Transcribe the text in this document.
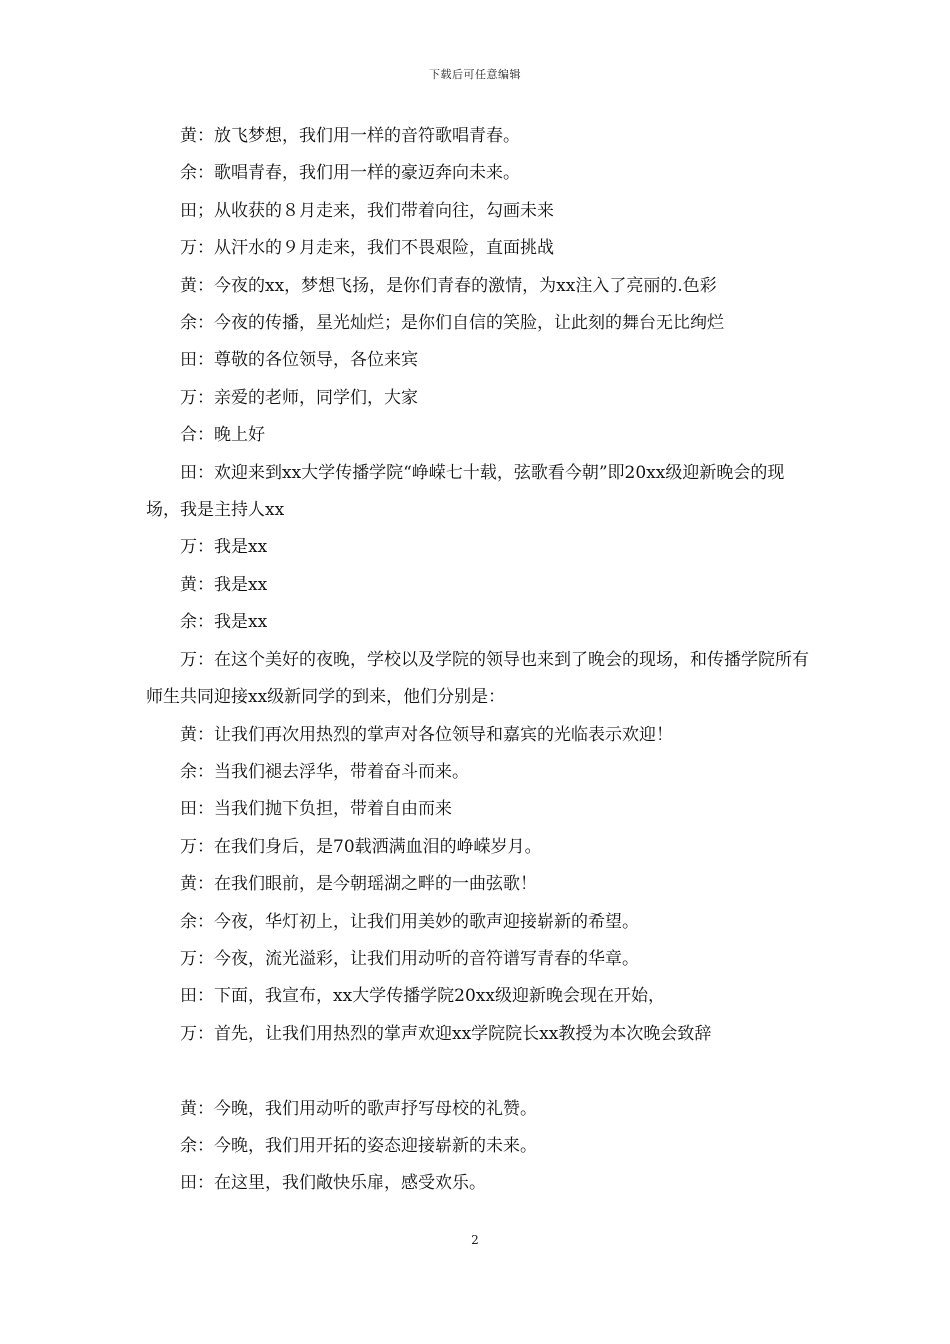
下载后可任意编辑

黄：放飞梦想，我们用一样的音符歌唱青春。

余：歌唱青春，我们用一样的豪迈奔向未来。

田；从收获的８月走来，我们带着向往，勾画未来

万：从汗水的９月走来，我们不畏艰险，直面挑战

黄：今夜的xx，梦想飞扬，是你们青春的激情，为xx注入了亮丽的.色彩

余：今夜的传播，星光灿烂；是你们自信的笑脸，让此刻的舞台无比绚烂

田：尊敬的各位领导，各位来宾

万：亲爱的老师，同学们，大家

合：晚上好

田：欢迎来到xx大学传播学院“峥嵘七十载，弦歌看今朝”即20xx级迎新晚会的现场，我是主持人xx

万：我是xx

黄：我是xx

余：我是xx

万：在这个美好的夜晚，学校以及学院的领导也来到了晚会的现场，和传播学院所有师生共同迎接xx级新同学的到来，他们分别是：

黄：让我们再次用热烈的掌声对各位领导和嘉宾的光临表示欢迎！

余：当我们褪去浮华，带着奋斗而来。

田：当我们抛下负担，带着自由而来

万：在我们身后，是70载洒满血泪的峥嵘岁月。

黄：在我们眼前，是今朝瑶湖之畔的一曲弦歌！

余：今夜，华灯初上，让我们用美妙的歌声迎接崭新的希望。

万：今夜，流光溢彩，让我们用动听的音符谱写青春的华章。

田：下面，我宣布，xx大学传播学院20xx级迎新晚会现在开始，

万：首先，让我们用热烈的掌声欢迎xx学院院长xx教授为本次晚会致辞

黄：今晚，我们用动听的歌声抒写母校的礼赞。

余：今晚，我们用开拓的姿态迎接崭新的未来。

田：在这里，我们敞快乐扉，感受欢乐。

2
